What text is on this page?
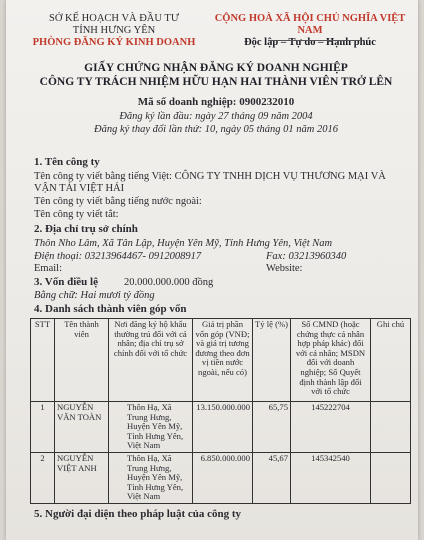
SỞ KẾ HOẠCH VÀ ĐẦU TƯ
TỈNH HƯNG YÊN
PHÒNG ĐĂNG KÝ KINH DOANH
CỘNG HOÀ XÃ HỘI CHỦ NGHĨA VIỆT NAM
Độc lập – Tự do – Hạnh phúc
GIẤY CHỨNG NHẬN ĐĂNG KÝ DOANH NGHIỆP
CÔNG TY TRÁCH NHIỆM HỮU HẠN HAI THÀNH VIÊN TRỞ LÊN
Mã số doanh nghiệp: 0900232010
Đăng ký lần đầu: ngày 27 tháng 09 năm 2004
Đăng ký thay đổi lần thứ: 10, ngày 05 tháng 01 năm 2016
1. Tên công ty
Tên công ty viết bằng tiếng Việt: CÔNG TY TNHH DỊCH VỤ THƯƠNG MẠI VÀ
VẬN TẢI VIỆT HẢI
Tên công ty viết bằng tiếng nước ngoài:
Tên công ty viết tắt:
2. Địa chỉ trụ sở chính
Thôn Nho Lâm, Xã Tân Lập, Huyện Yên Mỹ, Tỉnh Hưng Yên, Việt Nam
Điện thoại: 03213964467- 0912008917	Fax: 03213960340
Email:	Website:
3. Vốn điều lệ 20.000.000.000 đồng
Bằng chữ: Hai mươi tỷ đồng
4. Danh sách thành viên góp vốn
STT	Tên thành viên	Nơi đăng ký hộ khẩu thường trú đối với cá nhân; địa chỉ trụ sở chính đối với tổ chức	Giá trị phần vốn góp (VNĐ; và giá trị tương đương theo đơn vị tiền nước ngoài, nếu có)	Tỷ lệ (%)	Số CMND (hoặc chứng thực cá nhân hợp pháp khác) đối với cá nhân; MSDN đối với doanh nghiệp; Số Quyết định thành lập đối với tổ chức	Ghi chú
1	NGUYỄN VĂN TOÀN	Thôn Hạ, Xã Trung Hưng, Huyện Yên Mỹ, Tỉnh Hưng Yên, Việt Nam	13.150.000.000	65,75	145222704	
2	NGUYỄN VIỆT ANH	Thôn Hạ, Xã Trung Hưng, Huyện Yên Mỹ, Tỉnh Hưng Yên, Việt Nam	6.850.000.000	45,67	145342540	
5. Người đại diện theo pháp luật của công ty
